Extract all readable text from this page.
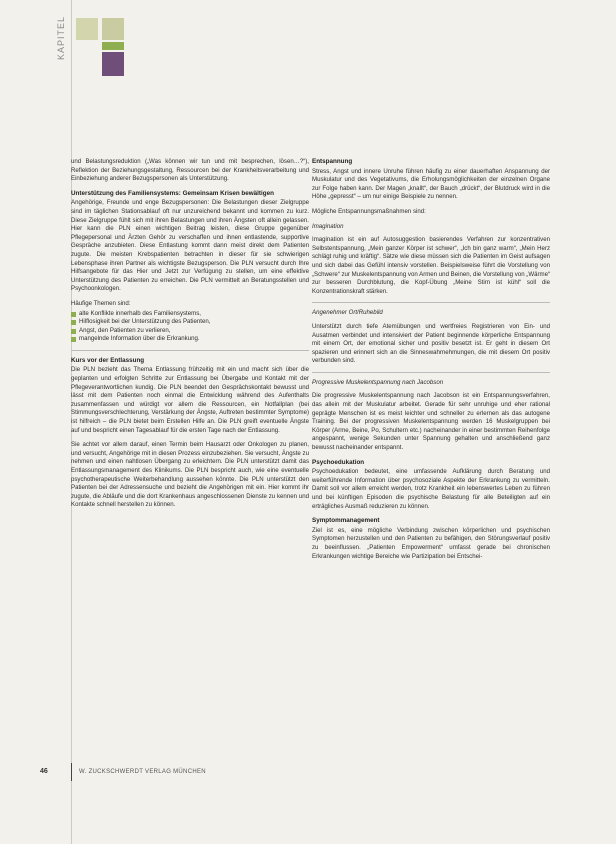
KAPITEL

und Belastungsreduktion („Was können wir tun und mit besprechen, lösen…?“), Reflektion der Beziehungsgestaltung, Ressourcen bei der Krankheitsverarbeitung und Einbeziehung anderer Bezugspersonen als Unterstützung.

Unterstützung des Familiensystems: Gemeinsam Krisen bewältigen

Angehörige, Freunde und enge Bezugspersonen: Die Belastungen dieser Zielgruppe sind im täglichen Stationsablauf oft nur unzureichend bekannt und kommen zu kurz. Diese Zielgruppe fühlt sich mit ihren Belastungen und ihren Ängsten oft allein gelassen. Hier kann die PLN einen wichtigen Beitrag leisten, diese Gruppe gegenüber Pflegepersonal und Ärzten Gehör zu verschaffen und ihnen entlastende, supportive Gespräche anzubieten. Diese Entlastung kommt dann meist direkt dem Patienten zugute. Die meisten Krebspatienten betrachten in dieser für sie schwierigen Lebensphase ihren Partner als wichtigste Bezugsperson. Die PLN versucht durch Ihre Hilfsangebote für das Hier und Jetzt zur Verfügung zu stellen, um eine effektive Unterstützung des Patienten zu erreichen. Die PLN vermittelt an Beratungsstellen und Psychoonkologen.

Häufige Themen sind:

alte Konflikte innerhalb des Familiensystems,
Hilflosigkeit bei der Unterstützung des Patienten,
Angst, den Patienten zu verlieren,
mangelnde Information über die Erkrankung.
Kurs vor der Entlassung

Die PLN bezieht das Thema Entlassung frühzeitig mit ein und macht sich über die geplanten und erfolgten Schritte zur Entlassung bei Übergabe und Kontakt mit der Pflegeverantwortlichen kundig. Die PLN beendet den Gesprächskontakt bewusst und lässt mit dem Patienten noch einmal die Entwicklung während des Aufenthalts zusammenfassen und würdigt vor allem die Ressourcen, ein Notfallplan (bei Stimmungsverschlechterung, Verstärkung der Ängste, Auftreten bestimmter Symptome) ist hilfreich – die PLN bietet beim Erstellen Hilfe an. Die PLN greift eventuelle Ängste auf und bespricht einen Tagesablauf für die ersten Tage nach der Entlassung.

Sie achtet vor allem darauf, einen Termin beim Hausarzt oder Onkologen zu planen, und versucht, Angehörige mit in diesen Prozess einzubeziehen. Sie versucht, Ängste zu nehmen und einen nahtlosen Übergang zu erleichtern. Die PLN unterstützt damit das Entlassungsmanagement des Klinikums. Die PLN bespricht auch, wie eine eventuelle psychotherapeutische Weiterbehandlung aussehen könnte. Die PLN unterstützt den Patienten bei der Adressensuche und bezieht die Angehörigen mit ein. Hier kommt ihr zugute, die Abläufe und die dort Krankenhaus angeschlossenen Dienste zu kennen und Kontakte schnell herstellen zu können.

Entspannung

Stress, Angst und innere Unruhe führen häufig zu einer dauerhaften Anspannung der Muskulatur und des Vegetativums, die Erholungsmöglichkeiten der einzelnen Organe zur Folge haben kann. Der Magen „knallt“, der Bauch „drückt“, der Blutdruck wird in die Höhe „gepresst“ – um nur einige Beispiele zu nennen.

Mögliche Entspannungsmaßnahmen sind:

Imagination

Imagination ist ein auf Autosuggestion basierendes Verfahren zur konzentrativen Selbstentspannung, „Mein ganzer Körper ist schwer“, „Ich bin ganz warm“, „Mein Herz schlägt ruhig und kräftig“. Sätze wie diese müssen sich die Patienten im Geist aufsagen und sich dabei das Gefühl intensiv vorstellen. Beispielsweise führt die Vorstellung von „Schwere“ zur Muskelentspannung von Armen und Beinen, die Vorstellung von „Wärme“ zur besseren Durchblutung, die Kopf-Übung „Meine Stirn ist kühl“ soll die Konzentrationskraft stärken.

Angenehmer Ort/Ruhebild

Unterstützt durch tiefe Atemübungen und wertfreies Registrieren von Ein- und Ausatmen verbindet und intensiviert der Patient beginnende körperliche Entspannung mit einem Ort, der emotional sicher und positiv besetzt ist. Er geht in diesem Ort spazieren und erinnert sich an die Sinneswahrnehmungen, die mit diesem Ort positiv verbunden sind.

Progressive Muskelentspannung nach Jacobson

Die progressive Muskelentspannung nach Jacobson ist ein Entspannungsverfahren, das allein mit der Muskulatur arbeitet. Gerade für sehr unruhige und eher rational geprägte Menschen ist es meist leichter und schneller zu erlernen als das autogene Training. Bei der progressiven Muskelentspannung werden 16 Muskelgruppen bei Körper (Arme, Beine, Po, Schultern etc.) nacheinander in einer bestimmten Reihenfolge angespannt, wenige Sekunden unter Spannung gehalten und anschließend ganz bewusst nacheinander entspannt.

Psychoedukation

Psychoedukation bedeutet, eine umfassende Aufklärung durch Beratung und weiterführende Information über psychosoziale Aspekte der Erkrankung zu vermitteln. Damit soll vor allem erreicht werden, trotz Krankheit ein lebenswertes Leben zu führen und bei künftigen Episoden die psychische Belastung für alle Beteiligten auf ein erträgliches Ausmaß reduzieren zu können.

Symptommanagement

Ziel ist es, eine mögliche Verbindung zwischen körperlichen und psychischen Symptomen herzustellen und den Patienten zu befähigen, den Störungsverlauf positiv zu beeinflussen. „Patienten Empowerment“ umfasst gerade bei chronischen Erkrankungen wichtige Bereiche wie Partizipation bei Entschei-

46	W. ZUCKSCHWERDT VERLAG MÜNCHEN
